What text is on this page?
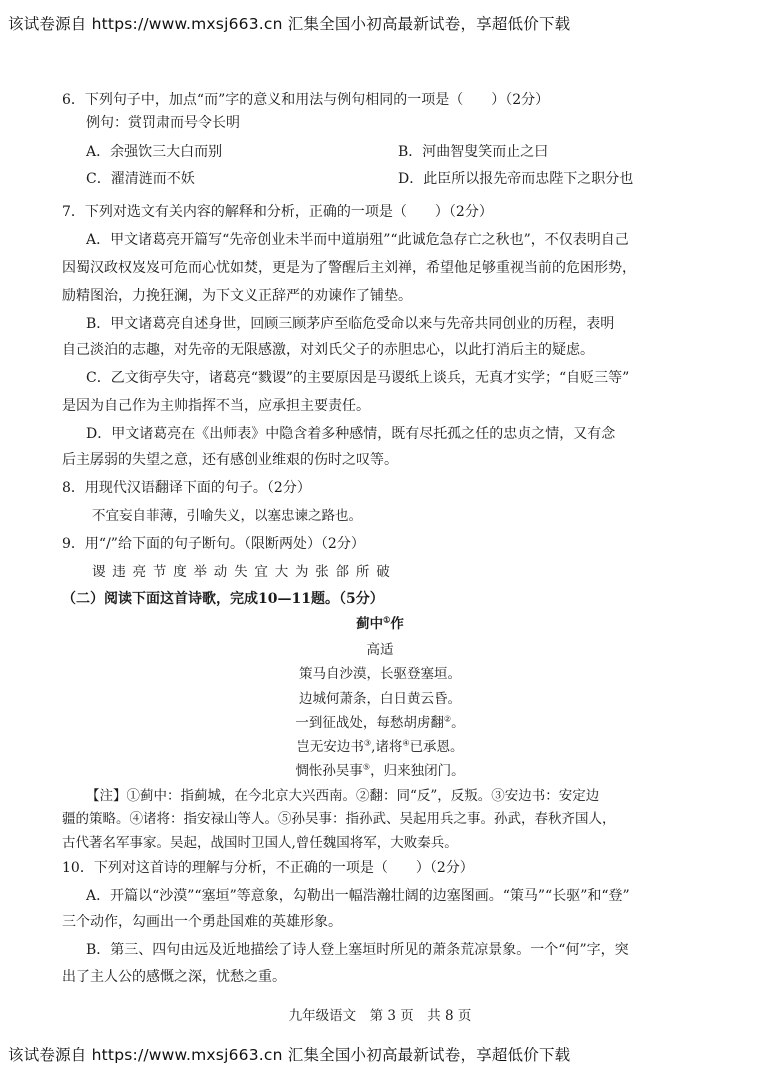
该试卷源自 https://www.mxsj663.cn 汇集全国小初高最新试卷，享超低价下载
6．下列句子中，加点“而”字的意义和用法与例句相同的一项是（　　）（2分）
例句：赏罚肃而号令长明
A．余强饮三大白而别	B．河曲智叟笑而止之曰
C．濯清涟而不妖	D．此臣所以报先帝而忠陛下之职分也
7．下列对选文有关内容的解释和分析，正确的一项是（　　）（2分）
A．甲文诸葛亮开篇写“先帝创业未半而中道崩殂”“此诚危急存亡之秋也”，不仅表明自己
因蜀汉政权岌岌可危而心忧如焚，更是为了警醒后主刘禅，希望他足够重视当前的危困形势，
励精图治，力挽狂澜，为下文义正辞严的劝谏作了铺垫。
B．甲文诸葛亮自述身世，回顾三顾茅庐至临危受命以来与先帝共同创业的历程，表明
自己淡泊的志趣，对先帝的无限感激，对刘氏父子的赤胆忠心，以此打消后主的疑虑。
C．乙文街亭失守，诸葛亮“戮谡”的主要原因是马谡纸上谈兵，无真才实学；“自贬三等”
是因为自己作为主帅指挥不当，应承担主要责任。
D．甲文诸葛亮在《出师表》中隐含着多种感情，既有尽托孤之任的忠贞之情，又有念
后主孱弱的失望之意，还有感创业维艰的伤时之叹等。
8．用现代汉语翻译下面的句子。（2分）
不宜妄自菲薄，引喻失义，以塞忠谏之路也。
9．用“/”给下面的句子断句。（限断两处）（2分）
谡违亮节度举动失宜大为张郃所破
（二）阅读下面这首诗歌，完成10—11题。（5分）
蓟中①作
高适
策马自沙漠，长驱登塞垣。
边城何萧条，白日黄云昏。
一到征战处，每愁胡虏翻②。
岂无安边书③,诸将④已承恩。
惆怅孙吴事⑤，归来独闭门。
【注】①蓟中：指蓟城，在今北京大兴西南。②翻：同“反”，反叛。③安边书：安定边
疆的策略。④诸将：指安禄山等人。⑤孙吴事：指孙武、吴起用兵之事。孙武，春秋齐国人，
古代著名军事家。吴起，战国时卫国人,曾任魏国将军，大败秦兵。
10．下列对这首诗的理解与分析，不正确的一项是（　　）（2分）
A．开篇以“沙漠”“塞垣”等意象，勾勒出一幅浩瀚壮阔的边塞图画。“策马”“长驱”和“登”
三个动作，勾画出一个勇赴国难的英雄形象。
B．第三、四句由远及近地描绘了诗人登上塞垣时所见的萧条荒凉景象。一个“何”字，突
出了主人公的感慨之深，忧愁之重。
九年级语文　第 3 页　共 8 页
该试卷源自 https://www.mxsj663.cn 汇集全国小初高最新试卷，享超低价下载
